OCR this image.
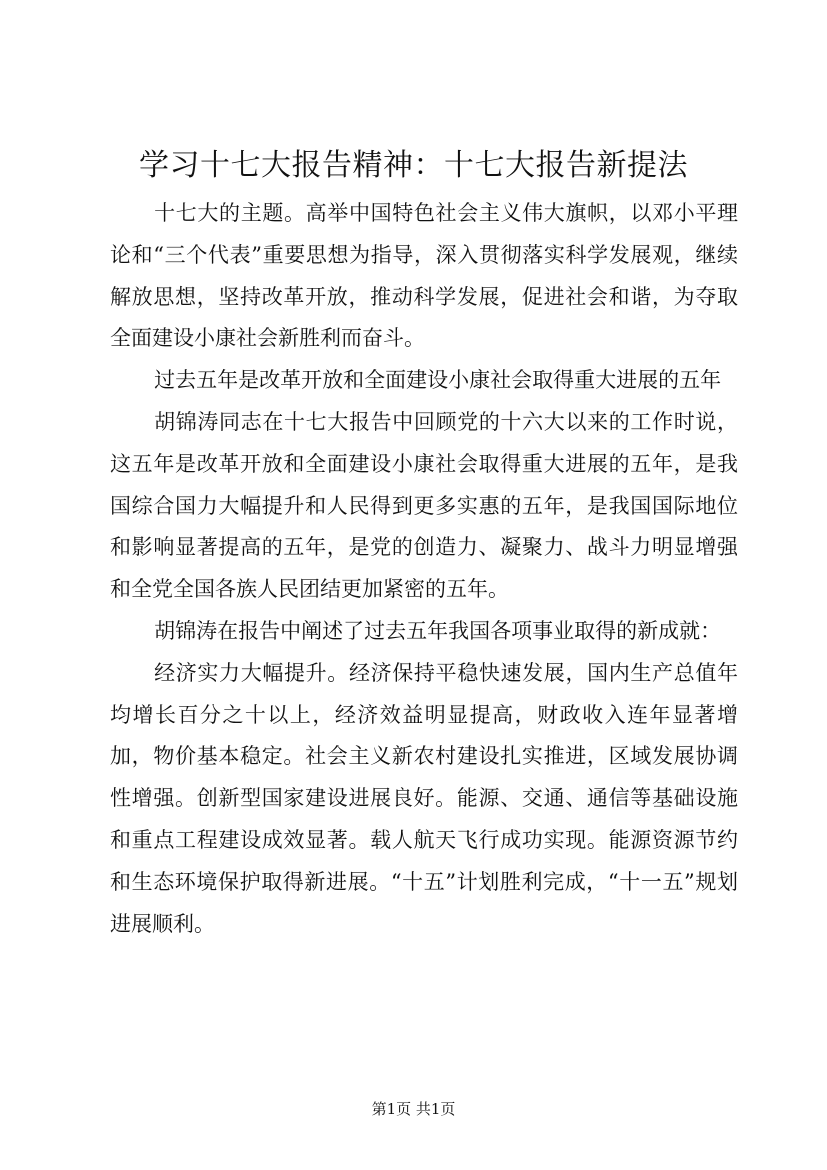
学习十七大报告精神：十七大报告新提法

十七大的主题。高举中国特色社会主义伟大旗帜，以邓小平理论和“三个代表”重要思想为指导，深入贯彻落实科学发展观，继续解放思想，坚持改革开放，推动科学发展，促进社会和谐，为夺取全面建设小康社会新胜利而奋斗。

过去五年是改革开放和全面建设小康社会取得重大进展的五年

胡锦涛同志在十七大报告中回顾党的十六大以来的工作时说，这五年是改革开放和全面建设小康社会取得重大进展的五年，是我国综合国力大幅提升和人民得到更多实惠的五年，是我国国际地位和影响显著提高的五年，是党的创造力、凝聚力、战斗力明显增强和全党全国各族人民团结更加紧密的五年。

胡锦涛在报告中阐述了过去五年我国各项事业取得的新成就：

经济实力大幅提升。经济保持平稳快速发展，国内生产总值年均增长百分之十以上，经济效益明显提高，财政收入连年显著增加，物价基本稳定。社会主义新农村建设扎实推进，区域发展协调性增强。创新型国家建设进展良好。能源、交通、通信等基础设施和重点工程建设成效显著。载人航天飞行成功实现。能源资源节约和生态环境保护取得新进展。“十五”计划胜利完成，“十一五”规划进展顺利。

第1页 共1页
